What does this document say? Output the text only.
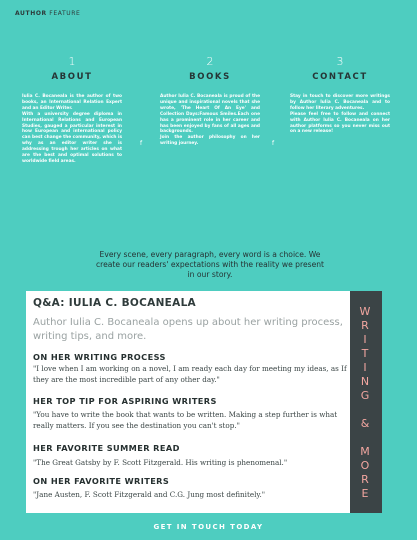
AUTHOR FEATURE
1
ABOUT

Iulia C. Bocaneala is the author of two books, an International Relation Expert and an Editor Writer.

With a university degree diploma in International Relations and European Studies, gauged a particular interest in how European and international policy can best change the community, which is why as an editor writer she is addressing trough her articles on what are the best and optimal solutions to worldwide field areas.

f
2
BOOKS

Author Iulia C. Bocaneala is proud of the unique and inspirational novels that she wrote, 'The Heart Of An Eye' and Collection Days:Famous Smiles.Each one has a prominent role in her career and has been enjoyed by fans of all ages and backgrounds.

Join the author philosophy on her writing journey.	f
3
CONTACT

Stay in touch to discover more writings by Author Iulia C. Bocaneala and to follow her literary adventures.

Please feel free to follow and connect with Author Iulia C. Bocaneala on her author platforms so you never miss out on a new release!

Every scene, every paragraph, every word is a choice. We create our readers' expectations with the reality we present in our story.
Q&A: IULIA C. BOCANEALA
Author Iulia C. Bocaneala opens up about her writing process, writing tips, and more.
ON HER WRITING PROCESS
"I love when I am working on a novel, I am ready each day for meeting my ideas, as If they are the most incredible part of any other day."
HER TOP TIP FOR ASPIRING WRITERS
"You have to write the book that wants to be written. Making a step further is what really matters. If you see the destination you can't stop."
HER FAVORITE SUMMER READ
"The Great Gatsby by F. Scott Fitzgerald. His writing is phenomenal."
ON HER FAVORITE WRITERS
"Jane Austen, F. Scott Fitzgerald and C.G. Jung most definitely."
W
R
I
T
I
N
G

&

M
O
R
E
GET IN TOUCH TODAY
